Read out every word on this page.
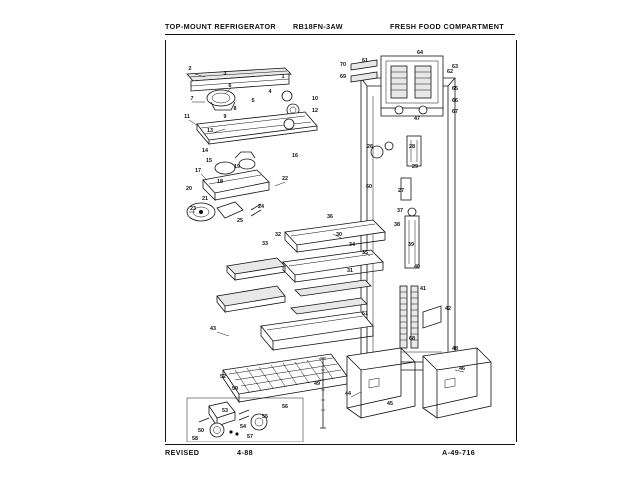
TOP-MOUNT REFRIGERATOR RB18FN-3AW	FRESH FOOD COMPARTMENT
1
2
3
4
5
6
7
8
9
10
11
12
13
14
15
16
17
18
19
20
21
22
23	24
25
26
27
28
29
30
31
32
33	34
35
36
37
38
39
40
41
42
43
44
45
46
47
48
49
50
51
52
53
54
55
56
57
58
59
60
61
62
63
64
65
66
67
68
69
70
REVISED	4-88	A-49-716
